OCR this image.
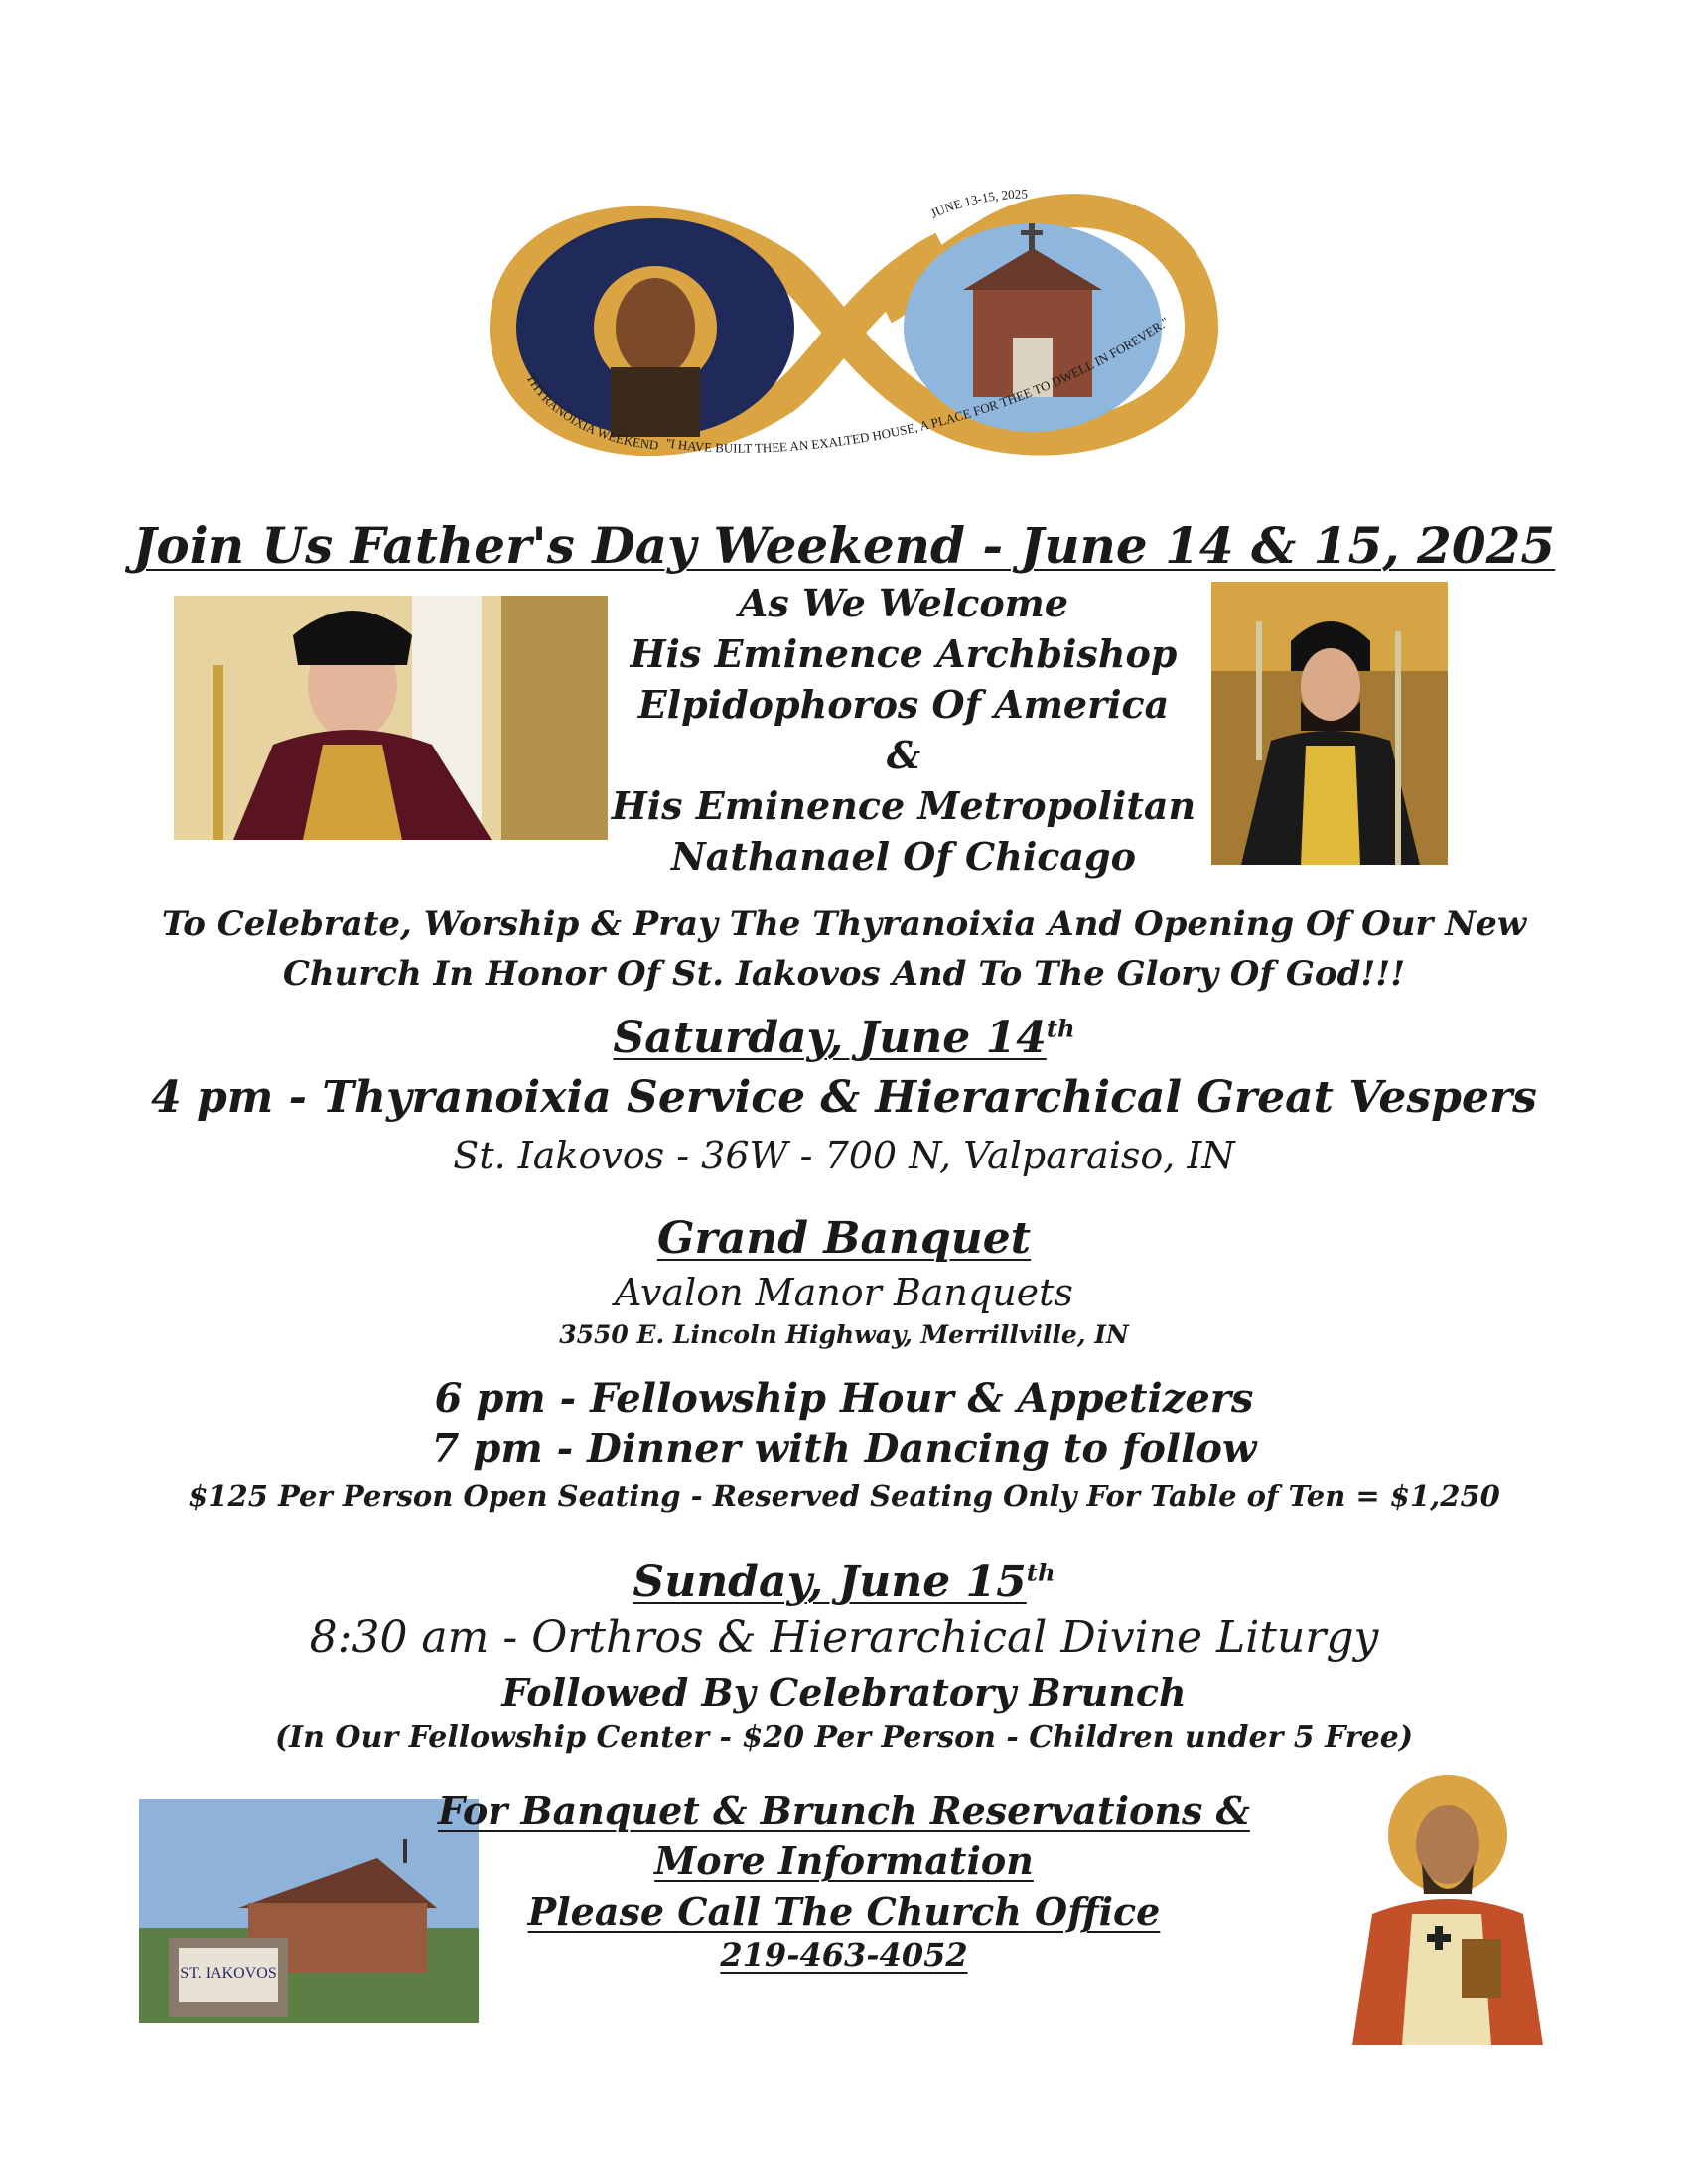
"I HAVE BUILT THEE AN EXALTED HOUSE, A PLACE FOR THEE TO DWELL IN FOREVER."
JUNE 13-15, 2025
THYRANOIXIA WEEKEND
Join Us Father's Day Weekend - June 14 & 15, 2025
As We Welcome
His Eminence Archbishop
Elpidophoros Of America
&
His Eminence Metropolitan
Nathanael Of Chicago
To Celebrate, Worship & Pray The Thyranoixia And Opening Of Our New
Church In Honor Of St. Iakovos And To The Glory Of God!!!
Saturday, June 14th
4 pm - Thyranoixia Service & Hierarchical Great Vespers
St. Iakovos - 36W - 700 N, Valparaiso, IN
Grand Banquet
Avalon Manor Banquets
3550 E. Lincoln Highway, Merrillville, IN
6 pm - Fellowship Hour & Appetizers
7 pm - Dinner with Dancing to follow
$125 Per Person Open Seating - Reserved Seating Only For Table of Ten = $1,250
Sunday, June 15th
8:30 am - Orthros & Hierarchical Divine Liturgy
Followed By Celebratory Brunch
(In Our Fellowship Center - $20 Per Person - Children under 5 Free)
ST. IAKOVOS
For Banquet & Brunch Reservations &
More Information
Please Call The Church Office
219-463-4052
